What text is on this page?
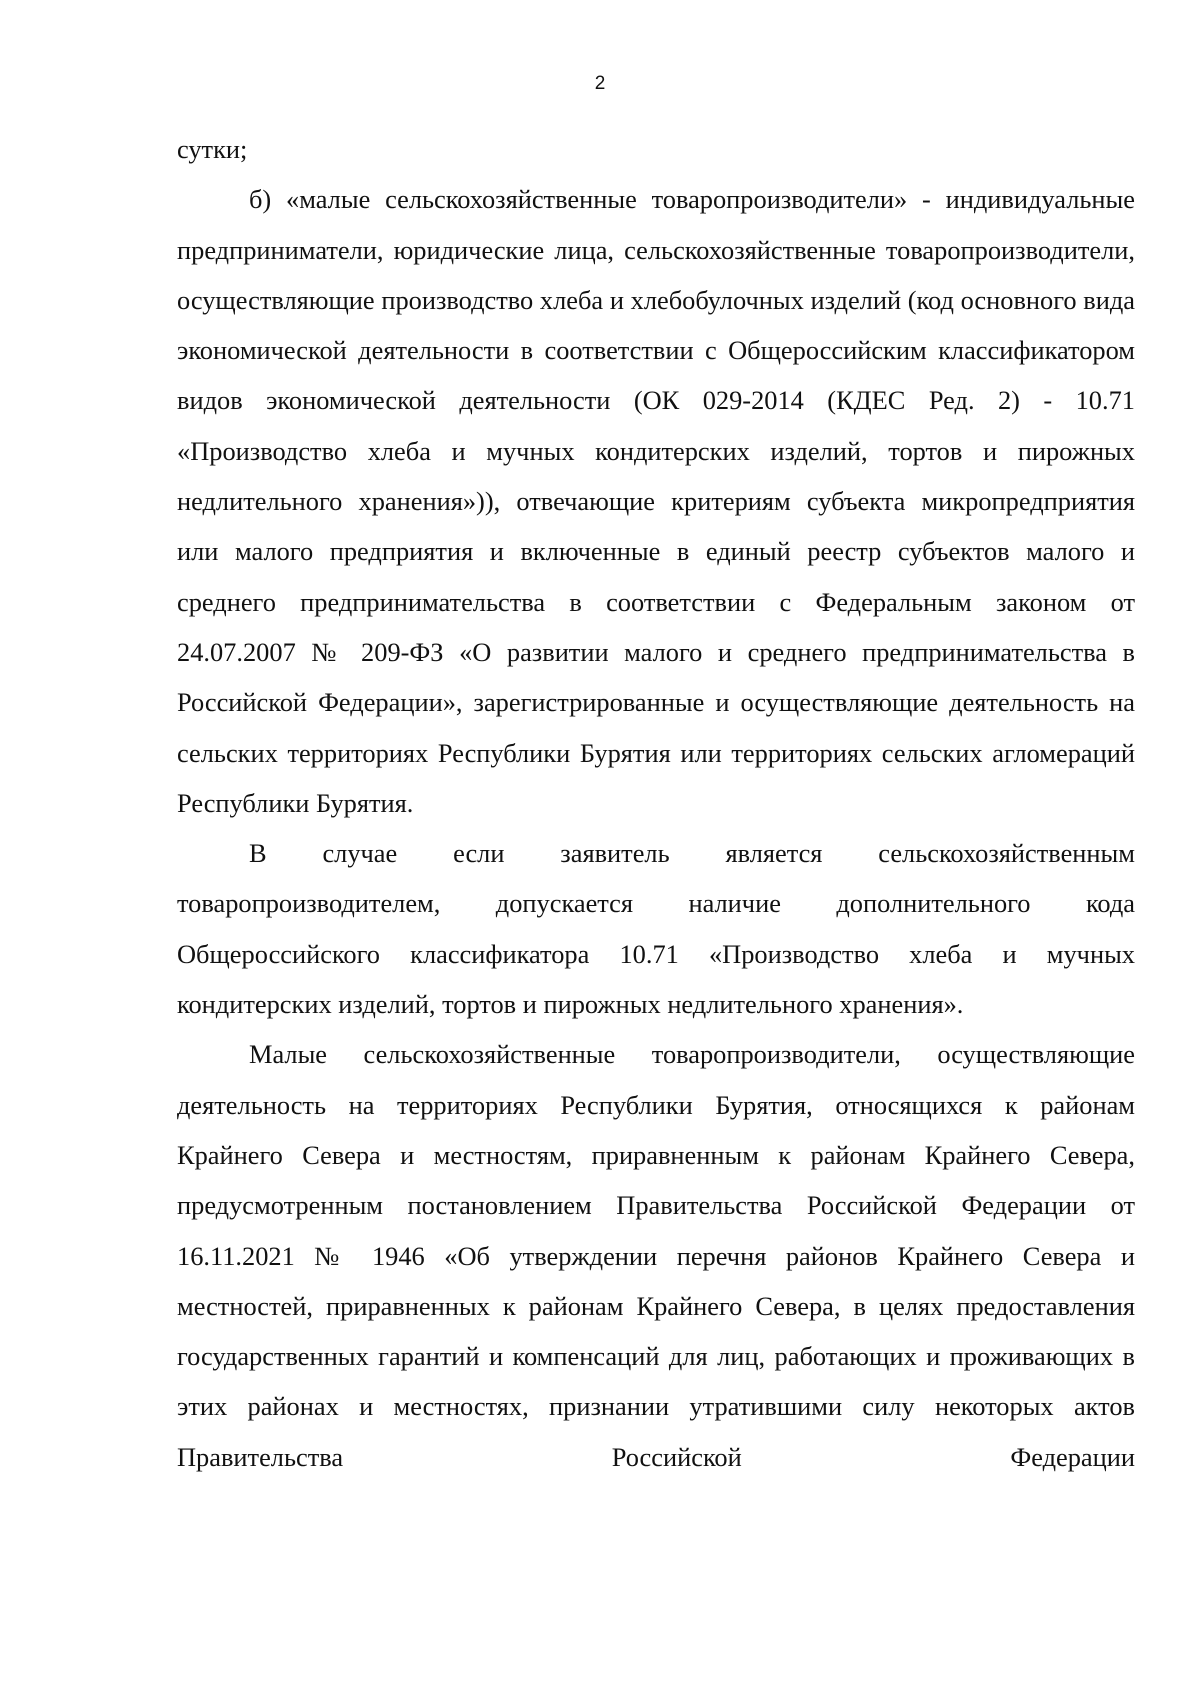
2

сутки;

б) «малые сельскохозяйственные товаропроизводители» - индивидуальные предприниматели, юридические лица, сельскохозяйственные товаропроизводители, осуществляющие производство хлеба и хлебобулочных изделий (код основного вида экономической деятельности в соответствии с Общероссийским классификатором видов экономической деятельности (ОК 029-2014 (КДЕС Ред. 2) - 10.71 «Производство хлеба и мучных кондитерских изделий, тортов и пирожных недлительного хранения»)), отвечающие критериям субъекта микропредприятия или малого предприятия и включенные в единый реестр субъектов малого и среднего предпринимательства в соответствии с Федеральным законом от 24.07.2007 № 209-ФЗ «О развитии малого и среднего предпринимательства в Российской Федерации», зарегистрированные и осуществляющие деятельность на сельских территориях Республики Бурятия или территориях сельских агломераций Республики Бурятия.

В случае если заявитель является сельскохозяйственным товаропроизводителем, допускается наличие дополнительного кода Общероссийского классификатора 10.71 «Производство хлеба и мучных кондитерских изделий, тортов и пирожных недлительного хранения».

Малые сельскохозяйственные товаропроизводители, осуществляющие деятельность на территориях Республики Бурятия, относящихся к районам Крайнего Севера и местностям, приравненным к районам Крайнего Севера, предусмотренным постановлением Правительства Российской Федерации от 16.11.2021 № 1946 «Об утверждении перечня районов Крайнего Севера и местностей, приравненных к районам Крайнего Севера, в целях предоставления государственных гарантий и компенсаций для лиц, работающих и проживающих в этих районах и местностях, признании утратившими силу некоторых актов Правительства Российской Федерации
